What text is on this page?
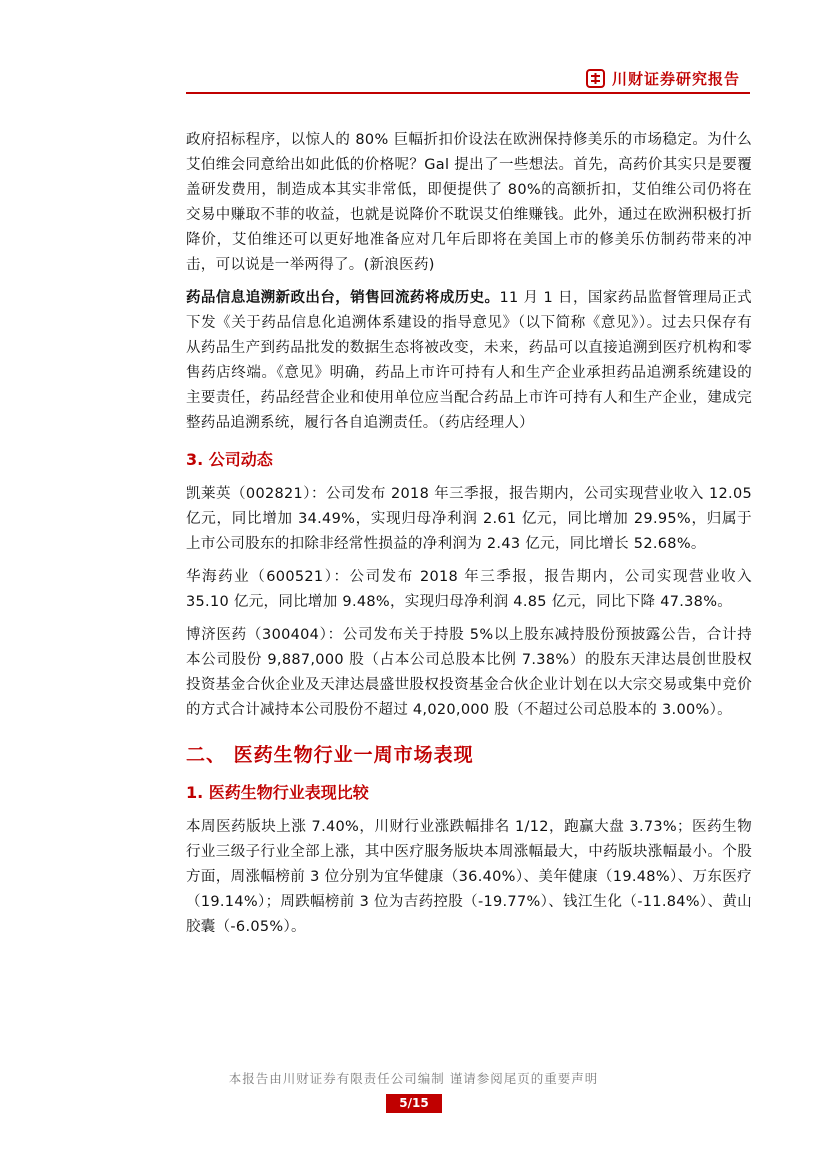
川财证券研究报告

政府招标程序，以惊人的 80% 巨幅折扣价设法在欧洲保持修美乐的市场稳定。为什么艾伯维会同意给出如此低的价格呢？Gal 提出了一些想法。首先，高药价其实只是要覆盖研发费用，制造成本其实非常低，即便提供了 80%的高额折扣，艾伯维公司仍将在交易中赚取不菲的收益，也就是说降价不耽误艾伯维赚钱。此外，通过在欧洲积极打折降价，艾伯维还可以更好地准备应对几年后即将在美国上市的修美乐仿制药带来的冲击，可以说是一举两得了。(新浪医药)

药品信息追溯新政出台，销售回流药将成历史。11 月 1 日，国家药品监督管理局正式下发《关于药品信息化追溯体系建设的指导意见》（以下简称《意见》）。过去只保存有从药品生产到药品批发的数据生态将被改变，未来，药品可以直接追溯到医疗机构和零售药店终端。《意见》明确，药品上市许可持有人和生产企业承担药品追溯系统建设的主要责任，药品经营企业和使用单位应当配合药品上市许可持有人和生产企业，建成完整药品追溯系统，履行各自追溯责任。（药店经理人）

3. 公司动态

凯莱英（002821）：公司发布 2018 年三季报，报告期内，公司实现营业收入 12.05 亿元，同比增加 34.49%，实现归母净利润 2.61 亿元，同比增加 29.95%，归属于上市公司股东的扣除非经常性损益的净利润为 2.43 亿元，同比增长 52.68%。

华海药业（600521）：公司发布 2018 年三季报，报告期内，公司实现营业收入 35.10 亿元，同比增加 9.48%，实现归母净利润 4.85 亿元，同比下降 47.38%。

博济医药（300404）：公司发布关于持股 5%以上股东减持股份预披露公告，合计持本公司股份 9,887,000 股（占本公司总股本比例 7.38%）的股东天津达晨创世股权投资基金合伙企业及天津达晨盛世股权投资基金合伙企业计划在以大宗交易或集中竞价的方式合计减持本公司股份不超过 4,020,000 股（不超过公司总股本的 3.00%）。

二、 医药生物行业一周市场表现
1. 医药生物行业表现比较

本周医药版块上涨 7.40%，川财行业涨跌幅排名 1/12，跑赢大盘 3.73%；医药生物行业三级子行业全部上涨，其中医疗服务版块本周涨幅最大，中药版块涨幅最小。个股方面，周涨幅榜前 3 位分别为宜华健康（36.40%）、美年健康（19.48%）、万东医疗（19.14%）；周跌幅榜前 3 位为吉药控股（-19.77%）、钱江生化（-11.84%）、黄山胶囊（-6.05%）。

本报告由川财证券有限责任公司编制 谨请参阅尾页的重要声明
5/15
